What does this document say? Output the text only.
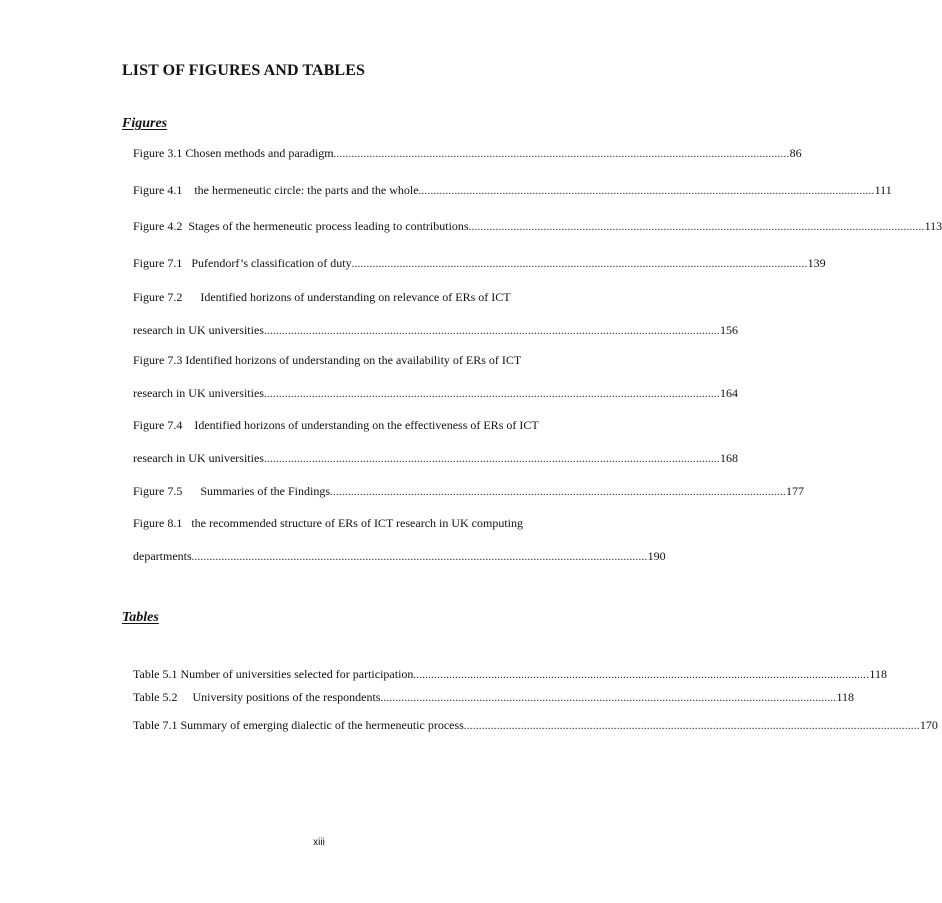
LIST OF FIGURES AND TABLES
Figures
Figure 3.1 Chosen methods and paradigm ........................................................................................................................................................ 86
Figure 4.1    the hermeneutic circle: the parts and the whole ........................................................................................................................................................ 111
Figure 4.2  Stages of the hermeneutic process leading to contributions ........................................................................................................................................................ 113
Figure 7.1   Pufendorf’s classification of duty ........................................................................................................................................................ 139
Figure 7.2      Identified horizons of understanding on relevance of ERs of ICT
research in UK universities ........................................................................................................................................................ 156
Figure 7.3 Identified horizons of understanding on the availability of ERs of ICT
research in UK universities ........................................................................................................................................................ 164
Figure 7.4    Identified horizons of understanding on the effectiveness of ERs of ICT
research in UK universities ........................................................................................................................................................ 168
Figure 7.5      Summaries of the Findings ........................................................................................................................................................ 177
Figure 8.1   the recommended structure of ERs of ICT research in UK computing
departments ........................................................................................................................................................ 190
Tables
Table 5.1 Number of universities selected for participation ........................................................................................................................................................ 118
Table 5.2     University positions of the respondents ........................................................................................................................................................ 118
Table 7.1 Summary of emerging dialectic of the hermeneutic process ........................................................................................................................................................ 170
xiii
